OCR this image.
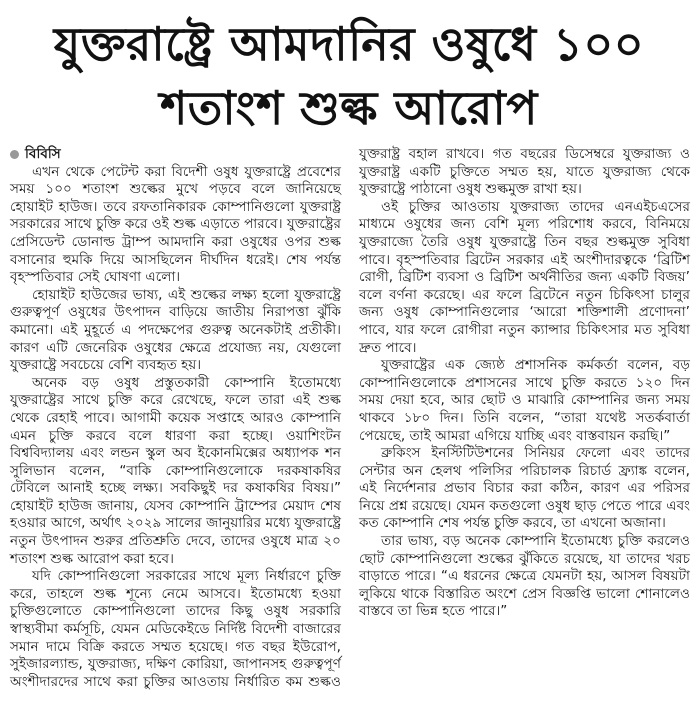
যুক্তরাষ্ট্রে আমদানির ওষুধে ১০০
শতাংশ শুল্ক আরোপ
বিবিসি

এখন থেকে পেটেন্ট করা বিদেশী ওষুধ যুক্তরাষ্ট্রে প্রবেশের সময় ১০০ শতাংশ শুল্কের মুখে পড়বে বলে জানিয়েছে হোয়াইট হাউজ। তবে রফতানিকারক কোম্পানিগুলো যুক্তরাষ্ট্র সরকারের সাথে চুক্তি করে ওই শুল্ক এড়াতে পারবে। যুক্তরাষ্ট্রের প্রেসিডেন্ট ডোনাল্ড ট্রাম্প আমদানি করা ওষুধের ওপর শুল্ক বসানোর হুমকি দিয়ে আসছিলেন দীর্ঘদিন ধরেই। শেষ পর্যন্ত বৃহস্পতিবার সেই ঘোষণা এলো।

হোয়াইট হাউজের ভাষ্য, এই শুল্কের লক্ষ্য হলো যুক্তরাষ্ট্রে গুরুত্বপূর্ণ ওষুধের উৎপাদন বাড়িয়ে জাতীয় নিরাপত্তা ঝুঁকি কমানো। এই মুহূর্তে এ পদক্ষেপের গুরুত্ব অনেকটাই প্রতীকী। কারণ এটি জেনেরিক ওষুধের ক্ষেত্রে প্রযোজ্য নয়, যেগুলো যুক্তরাষ্ট্রে সবচেয়ে বেশি ব্যবহৃত হয়।

অনেক বড় ওষুধ প্রস্তুতকারী কোম্পানি ইতোমধ্যে যুক্তরাষ্ট্রের সাথে চুক্তি করে রেখেছে, ফলে তারা এই শুল্ক থেকে রেহাই পাবে। আগামী কয়েক সপ্তাহে আরও কোম্পানি এমন চুক্তি করবে বলে ধারণা করা হচ্ছে। ওয়াশিংটন বিশ্ববিদ্যালয় এবং লন্ডন স্কুল অব ইকোনমিক্সের অধ্যাপক শন সুলিভান বলেন, “বাকি কোম্পানিগুলোকে দরকষাকষির টেবিলে আনাই হচ্ছে লক্ষ্য। সবকিছুই দর কষাকষির বিষয়।” হোয়াইট হাউজ জানায়, যেসব কোম্পানি ট্রাম্পের মেয়াদ শেষ হওয়ার আগে, অর্থাৎ ২০২৯ সালের জানুয়ারির মধ্যে যুক্তরাষ্ট্রে নতুন উৎপাদন শুরুর প্রতিশ্রুতি দেবে, তাদের ওষুধে মাত্র ২০ শতাংশ শুল্ক আরোপ করা হবে।

যদি কোম্পানিগুলো সরকারের সাথে মূল্য নির্ধারণে চুক্তি করে, তাহলে শুল্ক শূন্যে নেমে আসবে। ইতোমধ্যে হওয়া চুক্তিগুলোতে কোম্পানিগুলো তাদের কিছু ওষুধ সরকারি স্বাস্থ্যবীমা কর্মসূচি, যেমন মেডিকেইডে নির্দিষ্ট বিদেশী বাজারের সমান দামে বিক্রি করতে সম্মত হয়েছে। গত বছর ইউরোপ, সুইজারল্যান্ড, যুক্তরাজ্য, দক্ষিণ কোরিয়া, জাপানসহ গুরুত্বপূর্ণ অংশীদারদের সাথে করা চুক্তির আওতায় নির্ধারিত কম শুল্কও যুক্তরাষ্ট্র বহাল রাখবে। গত বছরের ডিসেম্বরে যুক্তরাজ্য ও যুক্তরাষ্ট্র একটি চুক্তিতে সম্মত হয়, যাতে যুক্তরাজ্য থেকে যুক্তরাষ্ট্রে পাঠানো ওষুধ শুল্কমুক্ত রাখা হয়।

ওই চুক্তির আওতায় যুক্তরাজ্য তাদের এনএইচএসের মাধ্যমে ওষুধের জন্য বেশি মূল্য পরিশোধ করবে, বিনিময়ে যুক্তরাজ্যে তৈরি ওষুধ যুক্তরাষ্ট্রে তিন বছর শুল্কমুক্ত সুবিধা পাবে। বৃহস্পতিবার ব্রিটেন সরকার এই অংশীদারত্বকে ‘ব্রিটিশ রোগী, ব্রিটিশ ব্যবসা ও ব্রিটিশ অর্থনীতির জন্য একটি বিজয়’ বলে বর্ণনা করেছে। এর ফলে ব্রিটেনে নতুন চিকিৎসা চালুর জন্য ওষুধ কোম্পানিগুলোর ‘আরো শক্তিশালী প্রণোদনা’ পাবে, যার ফলে রোগীরা নতুন ক্যান্সার চিকিৎসার মত সুবিধা দ্রুত পাবে।

যুক্তরাষ্ট্রের এক জ্যেষ্ঠ প্রশাসনিক কর্মকর্তা বলেন, বড় কোম্পানিগুলোকে প্রশাসনের সাথে চুক্তি করতে ১২০ দিন সময় দেয়া হবে, আর ছোট ও মাঝারি কোম্পানির জন্য সময় থাকবে ১৮০ দিন। তিনি বলেন, “তারা যথেষ্ট সতর্কবার্তা পেয়েছে, তাই আমরা এগিয়ে যাচ্ছি এবং বাস্তবায়ন করছি।”

ব্রুকিংস ইনস্টিটিউশনের সিনিয়র ফেলো এবং তাদের সেন্টার অন হেলথ পলিসির পরিচালক রিচার্ড ফ্র্যাঙ্ক বলেন, এই নির্দেশনার প্রভাব বিচার করা কঠিন, কারণ এর পরিসর নিয়ে প্রশ্ন রয়েছে। যেমন কতগুলো ওষুধ ছাড় পেতে পারে এবং কত কোম্পানি শেষ পর্যন্ত চুক্তি করবে, তা এখনো অজানা।

তার ভাষ্য, বড় অনেক কোম্পানি ইতোমধ্যে চুক্তি করলেও ছোট কোম্পানিগুলো শুল্কের ঝুঁকিতে রয়েছে, যা তাদের খরচ বাড়াতে পারে। “এ ধরনের ক্ষেত্রে যেমনটা হয়, আসল বিষয়টা লুকিয়ে থাকে বিস্তারিত অংশে প্রেস বিজ্ঞপ্তি ভালো শোনালেও বাস্তবে তা ভিন্ন হতে পারে।”
